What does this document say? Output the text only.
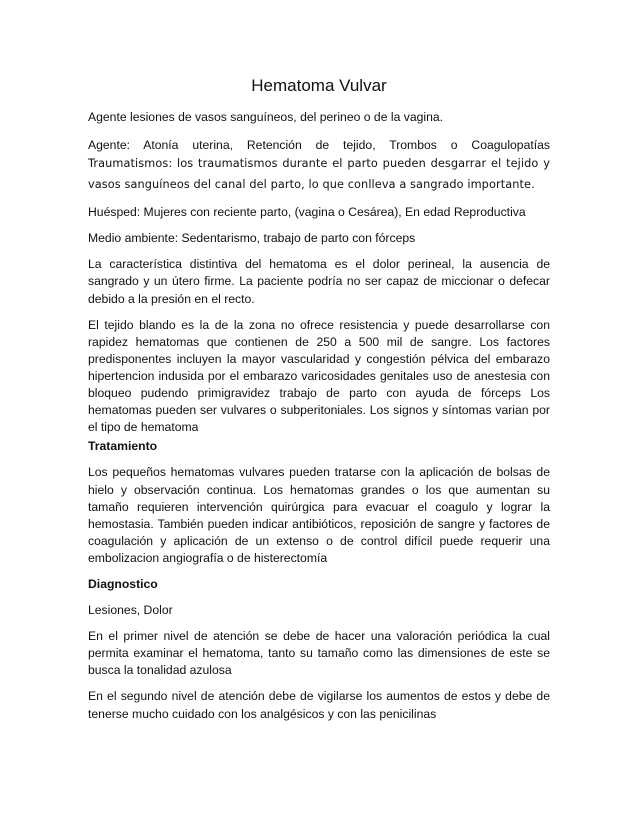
Hematoma Vulvar

Agente lesiones de vasos sanguíneos, del perineo o de la vagina.

Agente: Atonía uterina, Retención de tejido, Trombos o Coagulopatías

Traumatismos: los traumatismos durante el parto pueden desgarrar el tejido y vasos sanguíneos del canal del parto, lo que conlleva a sangrado importante.

Huésped: Mujeres con reciente parto, (vagina o Cesárea), En edad Reproductiva

Medio ambiente: Sedentarismo, trabajo de parto con fórceps

La característica distintiva del hematoma es el dolor perineal, la ausencia de sangrado y un útero firme. La paciente podría no ser capaz de miccionar o defecar debido a la presión en el recto.

El tejido blando es la de la zona no ofrece resistencia y puede desarrollarse con rapidez hematomas que contienen de 250 a 500 mil de sangre. Los factores predisponentes incluyen la mayor vascularidad y congestión pélvica del embarazo hipertencion indusida por el embarazo varicosidades genitales uso de anestesia con bloqueo pudendo primigravidez trabajo de parto con ayuda de fórceps Los hematomas pueden ser vulvares o subperitoniales. Los signos y síntomas varian por el tipo de hematoma

Tratamiento

Los pequeños hematomas vulvares pueden tratarse con la aplicación de bolsas de hielo y observación continua. Los hematomas grandes o los que aumentan su tamaño requieren intervención quirúrgica para evacuar el coagulo y lograr la hemostasia. También pueden indicar antibióticos, reposición de sangre y factores de coagulación y aplicación de un extenso o de control difícil puede requerir una embolizacion angiografía o de histerectomía

Diagnostico

Lesiones, Dolor

En el primer nivel de atención se debe de hacer una valoración periódica la cual permita examinar el hematoma, tanto su tamaño como las dimensiones de este se busca la tonalidad azulosa

En el segundo nivel de atención debe de vigilarse los aumentos de estos y debe de tenerse mucho cuidado con los analgésicos y con las penicilinas
